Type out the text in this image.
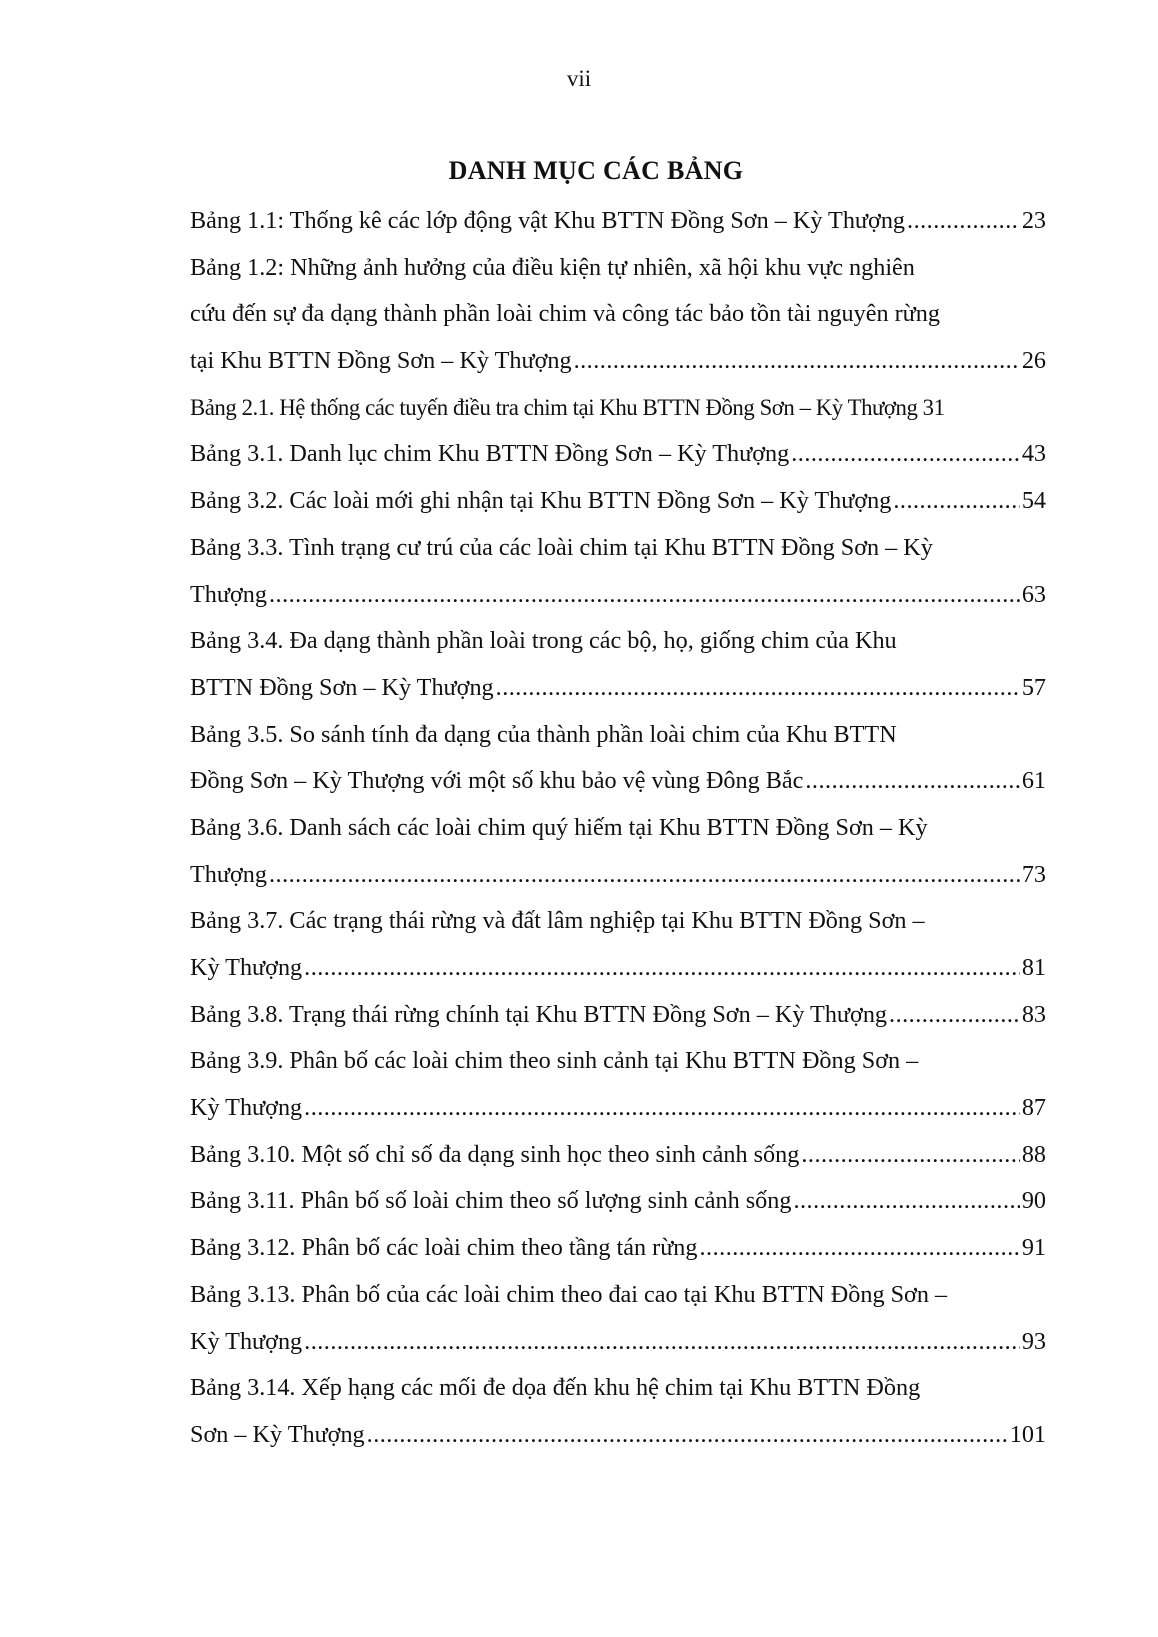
vii
DANH MỤC CÁC BẢNG
Bảng 1.1: Thống kê các lớp động vật Khu BTTN Đồng Sơn – Kỳ Thượng .....	23
Bảng 1.2: Những ảnh hưởng của điều kiện tự nhiên, xã hội khu vực nghiên
cứu đến sự đa dạng thành phần loài chim và công tác bảo tồn tài nguyên rừng
tại Khu BTTN Đồng Sơn – Kỳ Thượng .....	26
Bảng 2.1. Hệ thống các tuyến điều tra chim tại Khu BTTN Đồng Sơn – Kỳ Thượng 31
Bảng 3.1. Danh lục chim Khu BTTN Đồng Sơn – Kỳ Thượng .....	43
Bảng 3.2. Các loài mới ghi nhận tại Khu BTTN Đồng Sơn – Kỳ Thượng .....	54
Bảng 3.3. Tình trạng cư trú của các loài chim tại Khu BTTN Đồng Sơn – Kỳ
Thượng .....	63
Bảng 3.4. Đa dạng thành phần loài trong các bộ, họ, giống chim của Khu
BTTN Đồng Sơn – Kỳ Thượng .....	57
Bảng 3.5. So sánh tính đa dạng của thành phần loài chim của Khu BTTN
Đồng Sơn – Kỳ Thượng với một số khu bảo vệ vùng Đông Bắc .....	61
Bảng 3.6. Danh sách các loài chim quý hiếm tại Khu BTTN Đồng Sơn – Kỳ
Thượng .....	73
Bảng 3.7. Các trạng thái rừng và đất lâm nghiệp tại Khu BTTN Đồng Sơn –
Kỳ Thượng .....	81
Bảng 3.8. Trạng thái rừng chính tại Khu BTTN Đồng Sơn – Kỳ Thượng .....	83
Bảng 3.9. Phân bố các loài chim theo sinh cảnh tại Khu BTTN Đồng Sơn –
Kỳ Thượng .....	87
Bảng 3.10. Một số chỉ số đa dạng sinh học theo sinh cảnh sống .....	88
Bảng 3.11. Phân bố số loài chim theo số lượng sinh cảnh sống .....	90
Bảng 3.12. Phân bố các loài chim theo tầng tán rừng .....	91
Bảng 3.13. Phân bố của các loài chim theo đai cao tại Khu BTTN Đồng Sơn –
Kỳ Thượng .....	93
Bảng 3.14. Xếp hạng các mối đe dọa đến khu hệ chim tại Khu BTTN Đồng
Sơn – Kỳ Thượng .....	101
